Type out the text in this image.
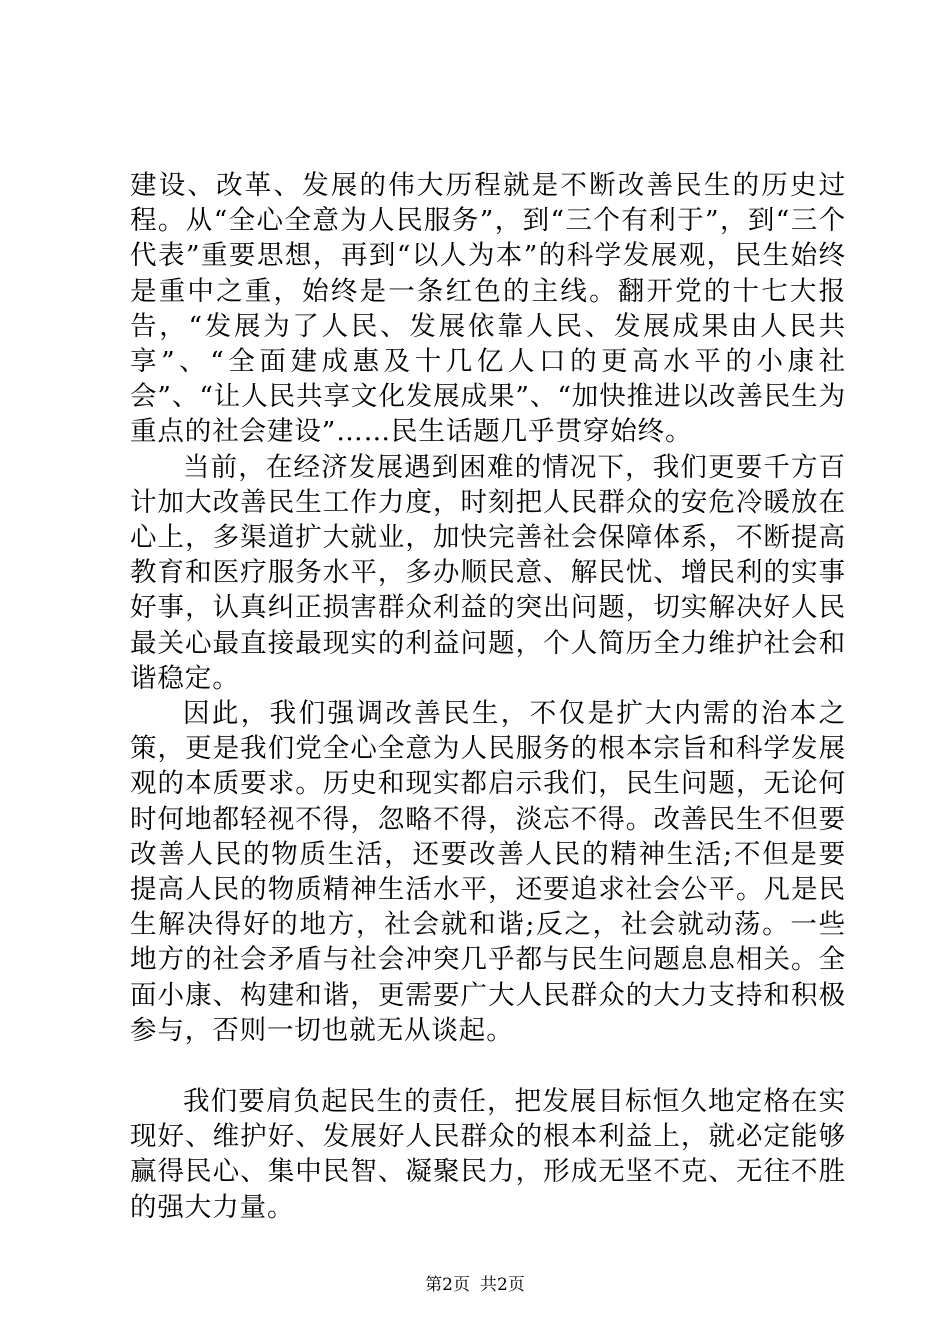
建设、改革、发展的伟大历程就是不断改善民生的历史过程。从“全心全意为人民服务”，到“三个有利于”，到“三个代表”重要思想，再到“以人为本”的科学发展观，民生始终是重中之重，始终是一条红色的主线。翻开党的十七大报告，“发展为了人民、发展依靠人民、发展成果由人民共享”、“全面建成惠及十几亿人口的更高水平的小康社会”、“让人民共享文化发展成果”、“加快推进以改善民生为重点的社会建设”……民生话题几乎贯穿始终。

当前，在经济发展遇到困难的情况下，我们更要千方百计加大改善民生工作力度，时刻把人民群众的安危冷暖放在心上，多渠道扩大就业，加快完善社会保障体系，不断提高教育和医疗服务水平，多办顺民意、解民忧、增民利的实事好事，认真纠正损害群众利益的突出问题，切实解决好人民最关心最直接最现实的利益问题，个人简历全力维护社会和谐稳定。

因此，我们强调改善民生，不仅是扩大内需的治本之策，更是我们党全心全意为人民服务的根本宗旨和科学发展观的本质要求。历史和现实都启示我们，民生问题，无论何时何地都轻视不得，忽略不得，淡忘不得。改善民生不但要改善人民的物质生活，还要改善人民的精神生活;不但是要提高人民的物质精神生活水平，还要追求社会公平。凡是民生解决得好的地方，社会就和谐;反之，社会就动荡。一些地方的社会矛盾与社会冲突几乎都与民生问题息息相关。全面小康、构建和谐，更需要广大人民群众的大力支持和积极参与，否则一切也就无从谈起。

我们要肩负起民生的责任，把发展目标恒久地定格在实现好、维护好、发展好人民群众的根本利益上，就必定能够赢得民心、集中民智、凝聚民力，形成无坚不克、无往不胜的强大力量。

第2页 共2页
